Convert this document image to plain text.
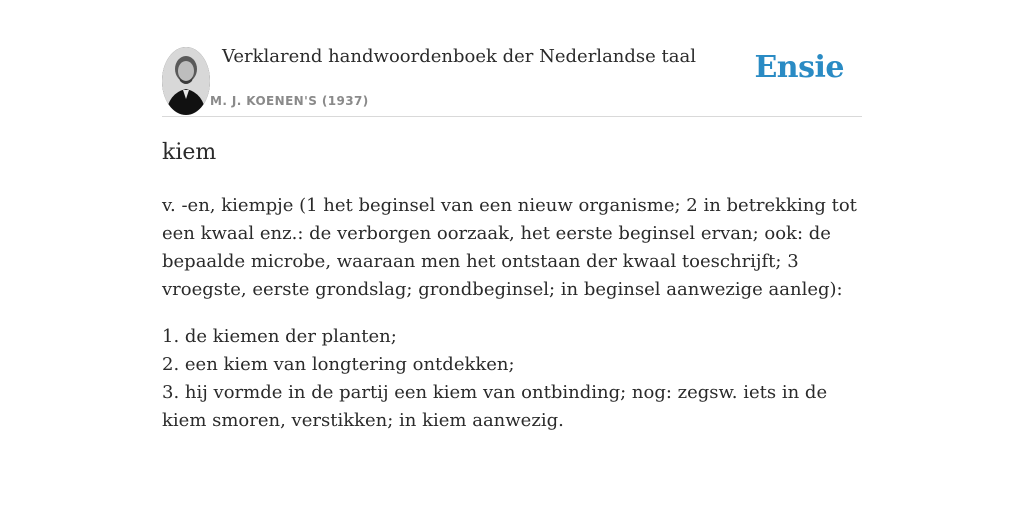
Verklarend handwoordenboek der Nederlandse taal
M. J. KOENEN'S (1937)
Ensie
kiem

v. -en, kiempje (1 het beginsel van een nieuw organisme; 2 in betrekking tot een kwaal enz.: de verborgen oorzaak, het eerste beginsel ervan; ook: de bepaalde microbe, waaraan men het ontstaan der kwaal toeschrijft; 3 vroegste, eerste grondslag; grondbeginsel; in beginsel aanwezige aanleg):

1. de kiemen der planten;
2. een kiem van longtering ontdekken;
3. hij vormde in de partij een kiem van ontbinding; nog: zegsw. iets in de kiem smoren, verstikken; in kiem aanwezig.
